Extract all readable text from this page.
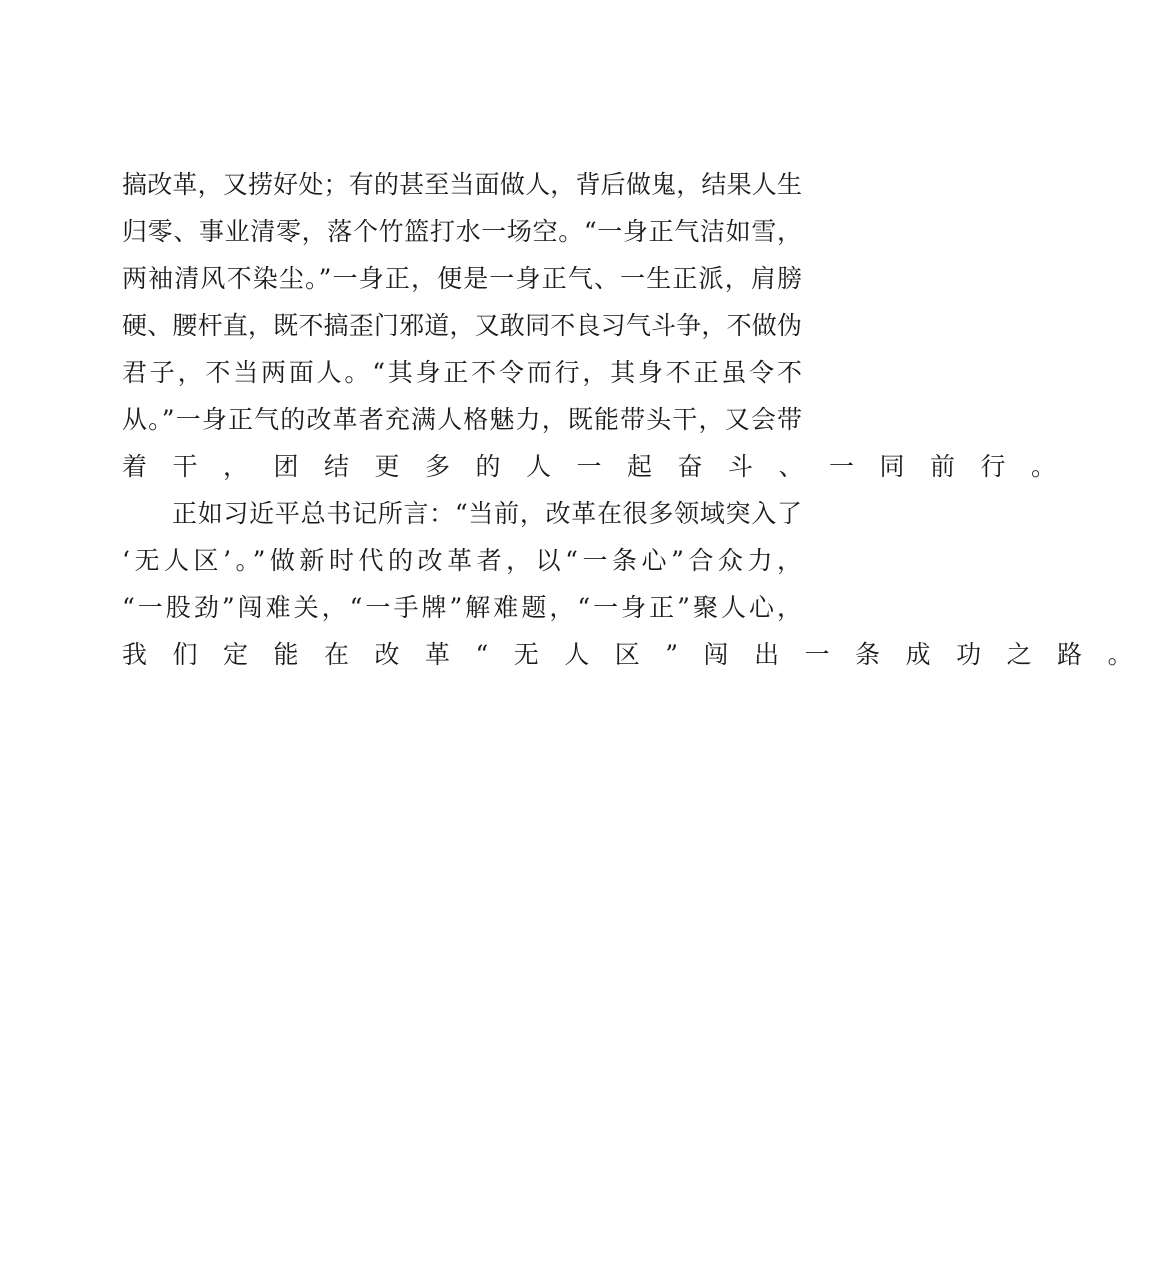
搞改革，又捞好处；有的甚至当面做人，背后做鬼，结果人生
归零、事业清零，落个竹篮打水一场空。“一身正气洁如雪，
两袖清风不染尘。”一身正，便是一身正气、一生正派，肩膀
硬、腰杆直，既不搞歪门邪道，又敢同不良习气斗争，不做伪
君子，不当两面人。“其身正不令而行，其身不正虽令不
从。”一身正气的改革者充满人格魅力，既能带头干，又会带
着干，团结更多的人一起奋斗、一同前行。
正如习近平总书记所言：“当前，改革在很多领域突入了
‘无人区’。”做新时代的改革者，以“一条心”合众力，
“一股劲”闯难关，“一手牌”解难题，“一身正”聚人心，
我们定能在改革“无人区”闯出一条成功之路。
